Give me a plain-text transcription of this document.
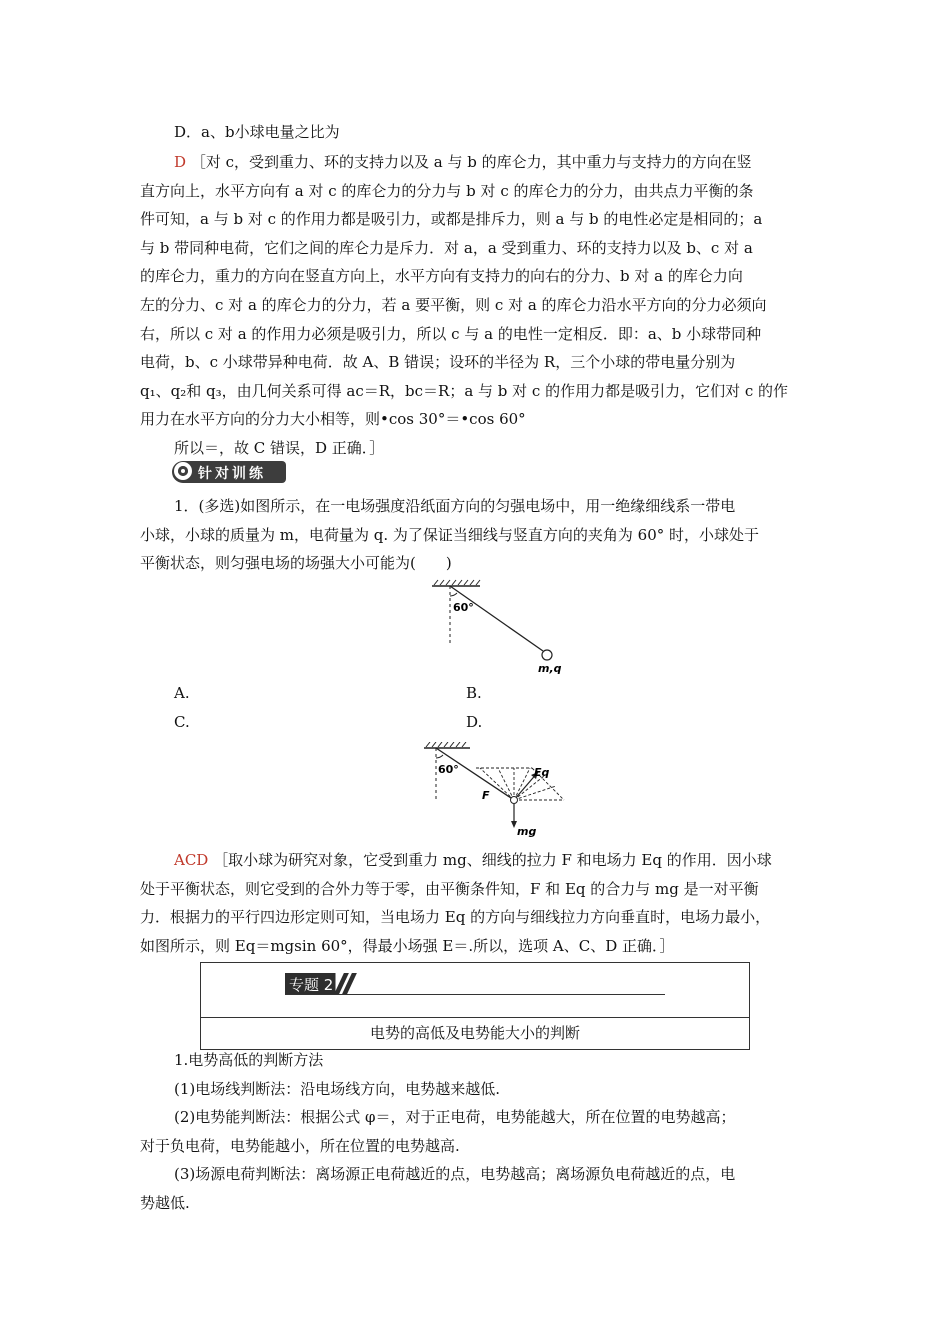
D．a、b小球电量之比为

D ［对 c，受到重力、环的支持力以及 a 与 b 的库仑力，其中重力与支持力的方向在竖
直方向上，水平方向有 a 对 c 的库仑力的分力与 b 对 c 的库仑力的分力，由共点力平衡的条
件可知，a 与 b 对 c 的作用力都是吸引力，或都是排斥力，则 a 与 b 的电性必定是相同的；a
与 b 带同种电荷，它们之间的库仑力是斥力．对 a，a 受到重力、环的支持力以及 b、c 对 a
的库仑力，重力的方向在竖直方向上，水平方向有支持力的向右的分力、b 对 a 的库仑力向
左的分力、c 对 a 的库仑力的分力，若 a 要平衡，则 c 对 a 的库仑力沿水平方向的分力必须向
右，所以 c 对 a 的作用力必须是吸引力，所以 c 与 a 的电性一定相反．即：a、b 小球带同种
电荷，b、c 小球带异种电荷．故 A、B 错误；设环的半径为 R，三个小球的带电量分别为
q₁、q₂和 q₃，由几何关系可得 ac＝R，bc＝R；a 与 b 对 c 的作用力都是吸引力，它们对 c 的作
用力在水平方向的分力大小相等，则•cos 30°＝•cos 60°
所以＝，故 C 错误，D 正确．］

针对训练

1．(多选)如图所示，在一电场强度沿纸面方向的匀强电场中，用一绝缘细线系一带电
小球，小球的质量为 m，电荷量为 q. 为了保证当细线与竖直方向的夹角为 60° 时，小球处于
平衡状态，则匀强电场的场强大小可能为(　　)

60°
m,q
A.	B.
C.	D.
60°	Eq
F
mg

ACD ［取小球为研究对象，它受到重力 mg、细线的拉力 F 和电场力 Eq 的作用．因小球
处于平衡状态，则它受到的合外力等于零，由平衡条件知，F 和 Eq 的合力与 mg 是一对平衡
力．根据力的平行四边形定则可知，当电场力 Eq 的方向与细线拉力方向垂直时，电场力最小，
如图所示，则 Eq＝mgsin 60°，得最小场强 E＝.所以，选项 A、C、D 正确．］

专题 2
电势的高低及电势能大小的判断

1.电势高低的判断方法
(1)电场线判断法：沿电场线方向，电势越来越低.
(2)电势能判断法：根据公式 φ＝，对于正电荷，电势能越大，所在位置的电势越高；
对于负电荷，电势能越小，所在位置的电势越高.
(3)场源电荷判断法：离场源正电荷越近的点，电势越高；离场源负电荷越近的点，电
势越低.
